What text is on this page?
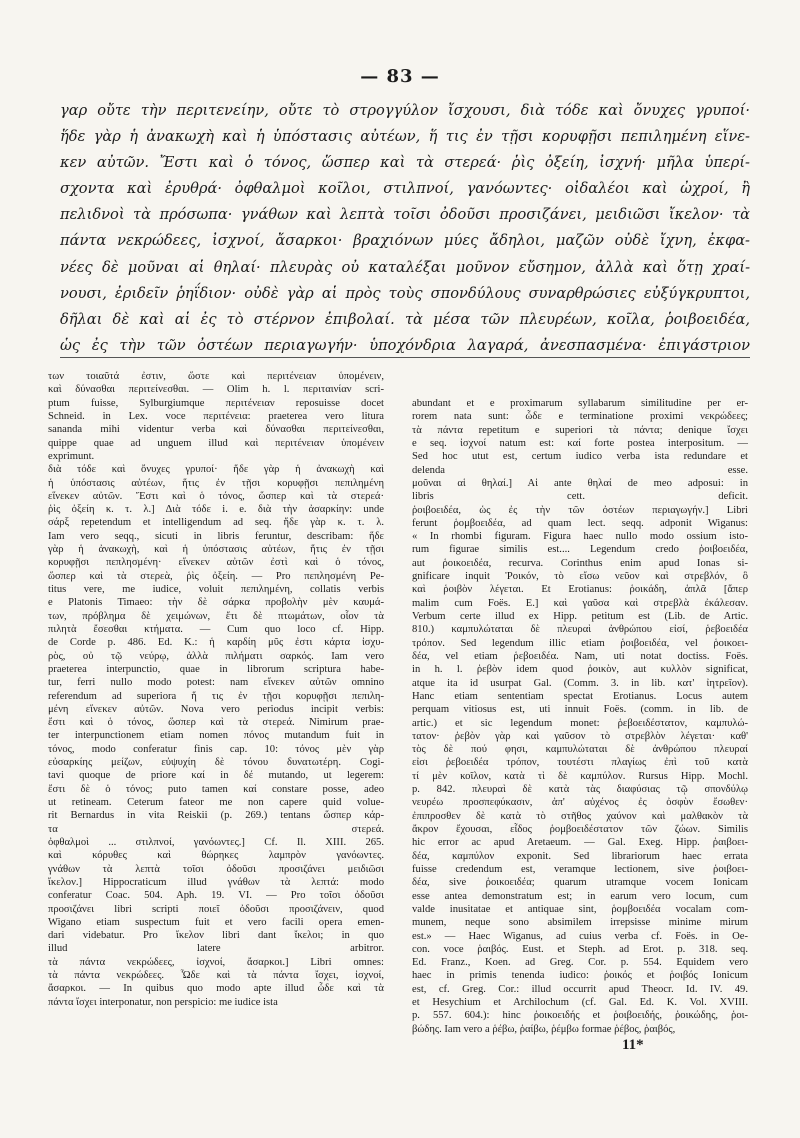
— 83 —
γαρ οὔτε τὴν περιτενείην, οὔτε τὸ στρογγύλον ἴσχουσι, διὰ τόδε καὶ ὄνυχες γρυποί·
ἥδε γὰρ ἡ ἀνακωχὴ καὶ ἡ ὑπόστασις αὐτέων, ἥ τις ἐν τῇσι κορυφῇσι πεπιλημένη εἵνε-
κεν αὐτῶν. Ἔστι καὶ ὁ τόνος, ὥσπερ καὶ τὰ στερεά· ῥὶς ὀξείη, ἰσχνή· μῆλα ὑπερί-
σχοντα καὶ ἐρυθρά· ὀφθαλμοὶ κοῖλοι, στιλπνοί, γανόωντες· οἰδαλέοι καὶ ὠχροί, ἢ
πελιδνοὶ τὰ πρόσωπα· γνάθων καὶ λεπτὰ τοῖσι ὀδοῦσι προσιζάνει, μειδιῶσι ἴκελον· τὰ
πάντα νεκρώδεες, ἰσχνοί, ἄσαρκοι· βραχιόνων μύες ἄδηλοι, μαζῶν οὐδὲ ἴχνη, ἐκφα-
νέες δὲ μοῦναι αἱ θηλαί· πλευρὰς οὐ καταλέξαι μοῦνον εὔσημον, ἀλλὰ καὶ ὅτῃ χραί-
νουσι, ἐριδεῖν ῥηΐδιον· οὐδὲ γὰρ αἱ πρὸς τοὺς σπονδύλους συναρθρώσιες εὐξύγκρυπτοι,
δῆλαι δὲ καὶ αἱ ἐς τὸ στέρνον ἐπιβολαί. τὰ μέσα τῶν πλευρέων, κοῖλα, ῥοιβοειδέα,
ὡς ἐς τὴν τῶν ὀστέων περιαγωγήν· ὑποχόνδρια λαγαρά, ἀνεσπασμένα· ἐπιγάστριον
των τοιαῦτά ἐστιν, ὥστε καὶ περιτένειαν ὑπομένειν,
καὶ δύνασθαι περιτείνεσθαι. — Olim h. l. περιταινίαν scri-
ptum fuisse, Sylburgiumque περιτένειαν reposuisse docet
Schneid. in Lex. voce περιτένεια: praeterea vero litura
sananda mihi videntur verba καὶ δύνασθαι περιτείνεσθαι,
quippe quae ad unguem illud καὶ περιτένειαν ὑπομένειν
exprimunt.
διὰ τόδε καὶ ὄνυχες γρυποί· ἥδε γὰρ ἡ ἀνακωχὴ καὶ
ἡ ὑπόστασις αὐτέων, ἥτις ἐν τῇσι κορυφῇσι πεπιλημένη
εἵνεκεν αὐτῶν. Ἔστι καὶ ὁ τόνος, ὥσπερ καὶ τὰ στερεά·
ῥὶς ὀξείη κ. τ. λ.] Διὰ τόδε i. e. διὰ τὴν ἀσαρκίην: unde
σάρξ repetendum et intelligendum ad seq. ἥδε γὰρ κ. τ. λ.
Iam vero seqq., sicuti in libris feruntur, describam: ἥδε
γὰρ ἡ ἀνακωχὴ, καὶ ἡ ὑπόστασις αὐτέων, ἥτις ἐν τῇσι
κορυφῇσι πεπλησμένη· εἵνεκεν αὐτῶν ἐστὶ καὶ ὁ τόνος,
ὥσπερ καὶ τὰ στερεὰ, ῥὶς ὀξείη. — Pro πεπλησμένη Pe-
titus vere, me iudice, voluit πεπιλημένη, collatis verbis
e Platonis Timaeo: τὴν δὲ σάρκα προβολὴν μὲν καυμά-
των, πρόβλημα δὲ χειμώνων, ἔτι δὲ πτωμάτων, οἷον τὰ
πιλητὰ ἔσεσθαι κτήματα. — Cum quo loco cf. Hipp.
de Corde p. 486. Ed. K.: ἡ καρδίη μῦς ἐστι κάρτα ἰσχυ-
ρὸς, οὐ τῷ νεύρῳ, ἀλλὰ πιλήματι σαρκός. Iam vero
praeterea interpunctio, quae in librorum scriptura habe-
tur, ferri nullo modo potest: nam εἵνεκεν αὐτῶν omnino
referendum ad superiora ἥ τις ἐν τῇσι κορυφῇσι πεπιλη-
μένη εἵνεκεν αὐτῶν. Nova vero periodus incipit verbis:
ἔστι καὶ ὁ τόνος, ὥσπερ καὶ τὰ στερεά. Nimirum prae-
ter interpunctionem etiam nomen πόνος mutandum fuit in
τόνος, modo conferatur finis cap. 10: τόνος μὲν γὰρ
εὐσαρκίης μείζων, εὐψυχίη δὲ τόνου δυνατωτέρη. Cogi-
tavi quoque de priore καί in δέ mutando, ut legerem:
ἔστι δὲ ὁ τόνος; puto tamen καί constare posse, adeo
ut retineam. Ceterum fateor me non capere quid volue-
rit Bernardus in vita Reiskii (p. 269.) tentans ὥσπερ κάρ-
τα στερεά.
ὀφθαλμοὶ ... στιλπνοί, γανόωντες.] Cf. Il. XIII. 265.
καὶ κόρυθες καὶ θώρηκες λαμπρὸν γανόωντες.
γνάθων τὰ λεπτὰ τοῖσι ὀδοῦσι προσιζάνει μειδιῶσι
ἴκελον.] Hippocraticum illud γνάθων τὰ λεπτά: modo
conferatur Coac. 504. Aph. 19. VI. — Pro τοῖσι ὀδοῦσι
προσιζάνει libri scripti ποιεῖ ὀδοῦσι προσιζάνειν, quod
Wigano etiam suspectum fuit et vero facili opera emen-
dari videbatur. Pro ἴκελον libri dant ἴκελοι; in quo
illud latere arbitror.
τὰ πάντα νεκρώδεες, ἰσχνοί, ἄσαρκοι.] Libri omnes:
τὰ πάντα νεκρώδεες. Ὧδε καὶ τὰ πάντα ἴσχει, ἰσχνοί,
ἄσαρκοι. — In quibus quo modo apte illud ὧδε καὶ τὰ
πάντα ἴσχει interponatur, non perspicio: me iudice ista
abundant et e proximarum syllabarum similitudine per er-
rorem nata sunt: ὧδε e terminatione proximi νεκρώδεες;
τὰ πάντα repetitum e superiori τὰ πάντα; denique ἴσχει
e seq. ἰσχνοί natum est: καί forte postea interpositum. —
Sed hoc utut est, certum iudico verba ista redundare et
delenda esse.
μοῦναι αἱ θηλαί.] Αἱ ante θηλαί de meo adposui: in
libris cett. deficit.
ῥοιβοειδέα, ὡς ἐς τὴν τῶν ὀστέων περιαγωγήν.] Libri
ferunt ῥομβοειδέα, ad quam lect. seqq. adponit Wiganus:
« In rhombi figuram. Figura haec nullo modo ossium isto-
rum figurae similis est.... Legendum credo ῥοιβοειδέα,
aut ῥοικοειδέα, recurva. Corinthus enim apud Ionas si-
gnificare inquit Ῥοικόν, τὸ εἴσω νεῦον καὶ στρεβλόν, ὃ
καὶ ῥοιβὸν λέγεται. Et Erotianus: ῥοικάδη, ἁπλᾶ [ἅπερ
malim cum Foës. E.] καὶ γαῦσα καὶ στρεβλὰ ἐκάλεσαν.
Verbum certe illud ex Hipp. petitum est (Lib. de Artic.
810.) καμπυλώταται δὲ πλευραὶ ἀνθρώπου εἰσί, ῥεβοειδέα
τρόπον. Sed legendum illic etiam ῥοιβοειδέα, vel ῥοικοει-
δέα, vel etiam ῥεβοειδέα. Nam, uti notat doctiss. Foës.
in h. l. ῥεβὸν idem quod ῥοικὸν, aut κυλλὸν significat,
atque ita id usurpat Gal. (Comm. 3. in lib. κατ' ἰητρεῖον).
Hanc etiam sententiam spectat Erotianus. Locus autem
perquam vitiosus est, uti innuit Foës. (comm. in lib. de
artic.) et sic legendum monet: ῥεβοειδέστατον, καμπυλώ-
τατον· ῥεβὸν γὰρ καὶ γαῦσον τὸ στρεβλὸν λέγεται· καθ'
τὸς δὲ πού φησι, καμπυλώταται δὲ ἀνθρώπου πλευραί
εἰσι ῥεβοειδέα τρόπον, τουτέστι πλαγίως ἐπὶ τοῦ κατὰ
τί μὲν κοῖλον, κατὰ τὶ δὲ καμπύλον. Rursus Hipp. Mochl.
p. 842. πλευραὶ δὲ κατὰ τὰς διαφύσιας τῷ σπονδύλῳ
νευρέω προσπεφύκασιν, ἀπ' αὐχένος ἐς ὀσφὺν ἔσωθεν·
ἐπιπροσθεν δὲ κατὰ τὸ στῆθος χαύνον καὶ μαλθακὸν τὰ
ἄκρον ἔχουσαι, εἶδος ῥομβοειδέστατον τῶν ζώων. Similis
hic error ac apud Aretaeum. — Gal. Exeg. Hipp. ῥαιβοει-
δέα, καμπύλον exponit. Sed librariorum haec errata
fuisse credendum est, veramque lectionem, sive ῥοιβοει-
δέα, sive ῥοικοειδέα; quarum utramque vocem Ionicam
esse antea demonstratum est; in earum vero locum, cum
valde inusitatae et antiquae sint, ῥομβοειδέα vocalam com-
munem, neque sono absimilem irrepsisse minime mirum
est.» — Haec Wiganus, ad cuius verba cf. Foës. in Oe-
con. voce ῥαιβός. Eust. et Steph. ad Erot. p. 318. seq.
Ed. Franz., Koen. ad Greg. Cor. p. 554. Equidem vero
haec in primis tenenda iudico: ῥοικός et ῥοιβός Ionicum
est, cf. Greg. Cor.: illud occurrit apud Theocr. Id. IV. 49.
et Hesychium et Archilochum (cf. Gal. Ed. K. Vol. XVIII.
p. 557. 604.): hinc ῥοικοειδής et ῥοιβοειδής, ῥοικώδης, ῥοι-
βώδης. Iam vero a ῥέβω, ῥαίβω, ῥέμβω formae ῥέβος, ῥαιβός,
11*
